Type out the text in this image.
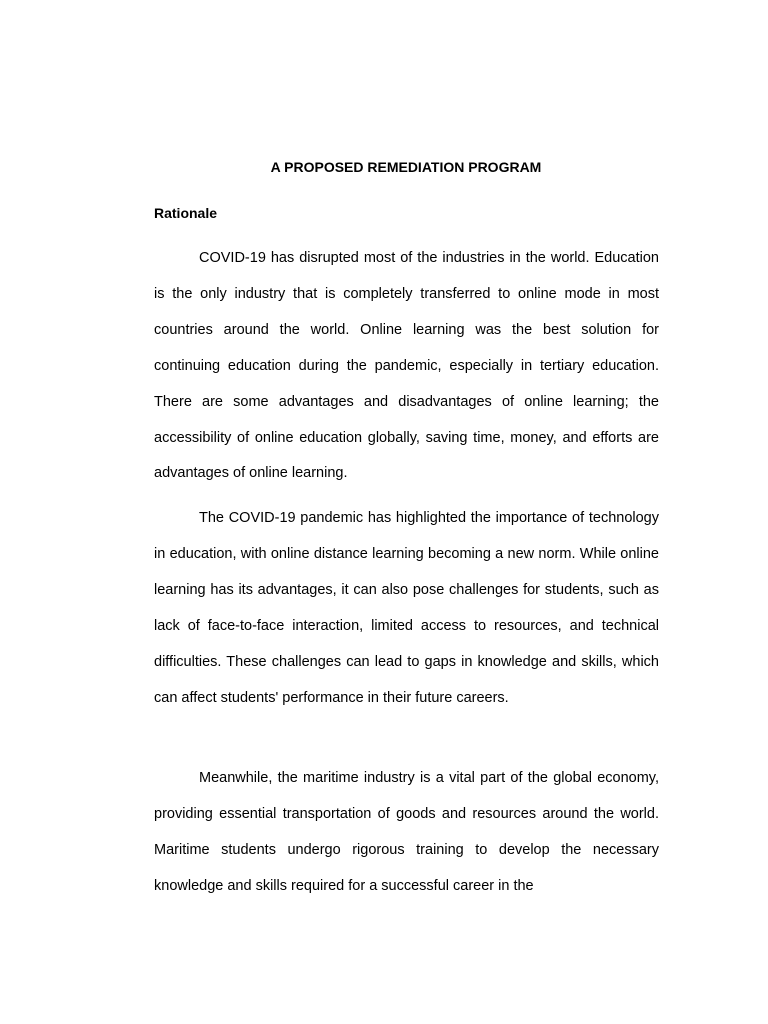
A PROPOSED REMEDIATION PROGRAM
Rationale

COVID-19 has disrupted most of the industries in the world. Education is the only industry that is completely transferred to online mode in most countries around the world. Online learning was the best solution for continuing education during the pandemic, especially in tertiary education. There are some advantages and disadvantages of online learning; the accessibility of online education globally, saving time, money, and efforts are advantages of online learning.

The COVID-19 pandemic has highlighted the importance of technology in education, with online distance learning becoming a new norm. While online learning has its advantages, it can also pose challenges for students, such as lack of face-to-face interaction, limited access to resources, and technical difficulties. These challenges can lead to gaps in knowledge and skills, which can affect students' performance in their future careers.

Meanwhile, the maritime industry is a vital part of the global economy, providing essential transportation of goods and resources around the world. Maritime students undergo rigorous training to develop the necessary knowledge and skills required for a successful career in the
